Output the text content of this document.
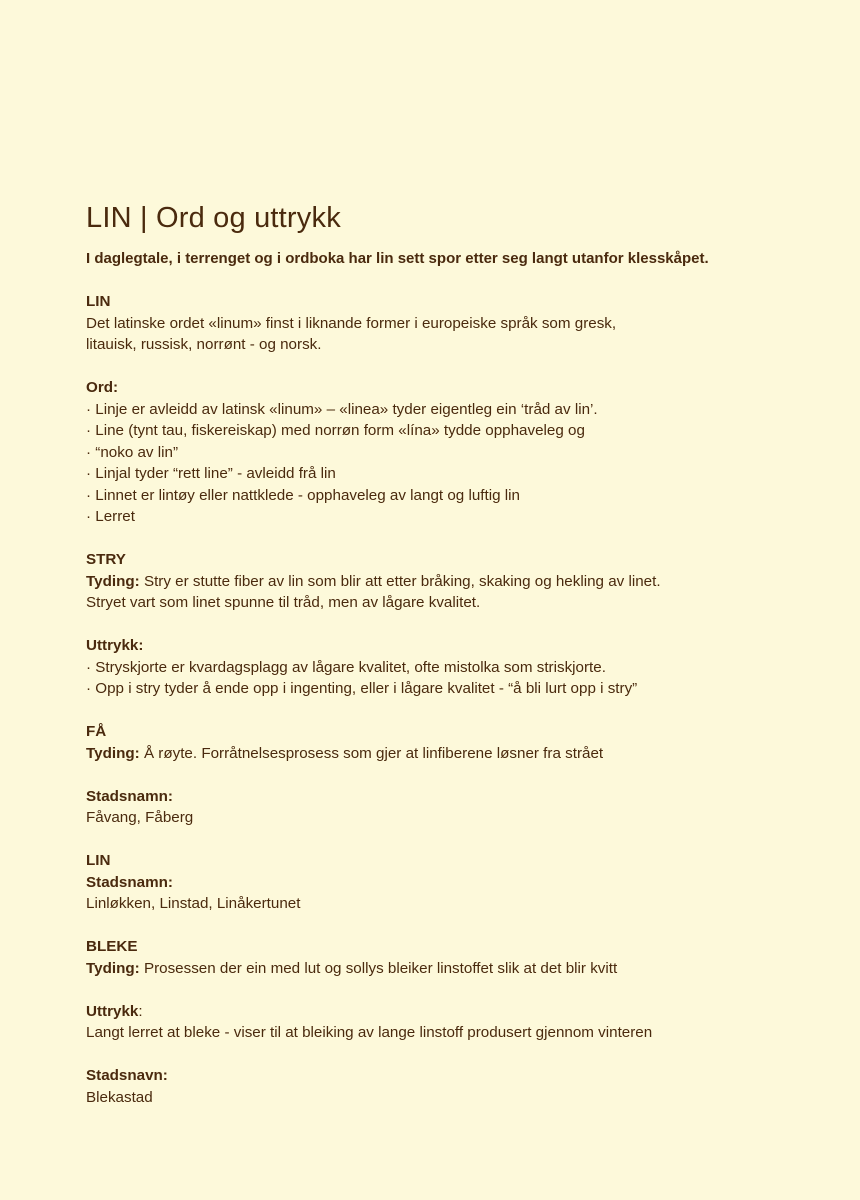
LIN | Ord og uttrykk
I daglegtale, i terrenget og i ordboka har lin sett spor etter seg langt utanfor klesskåpet.
LIN
Det latinske ordet «linum» finst i liknande former i europeiske språk som gresk,
litauisk, russisk, norrønt - og norsk.
Ord:
· Linje er avleidd av latinsk «linum» – «linea» tyder eigentleg ein ‘tråd av lin’.
· Line (tynt tau, fiskereiskap) med norrøn form «lína» tydde opphaveleg og
· “noko av lin”
· Linjal tyder “rett line” - avleidd frå lin
· Linnet er lintøy eller nattklede - opphaveleg av langt og luftig lin
· Lerret
STRY
Tyding: Stry er stutte fiber av lin som blir att etter bråking, skaking og hekling av linet.
Stryet vart som linet spunne til tråd, men av lågare kvalitet.
Uttrykk:
· Stryskjorte er kvardagsplagg av lågare kvalitet, ofte mistolka som striskjorte.
· Opp i stry tyder å ende opp i ingenting, eller i lågare kvalitet - “å bli lurt opp i stry”
FÅ
Tyding: Å røyte. Forråtnelsesprosess som gjer at linfiberene løsner fra strået
Stadsnamn:
Fåvang, Fåberg
LIN
Stadsnamn:
Linløkken, Linstad, Linåkertunet
BLEKE
Tyding: Prosessen der ein med lut og sollys bleiker linstoffet slik at det blir kvitt
Uttrykk:
Langt lerret at bleke - viser til at bleiking av lange linstoff produsert gjennom vinteren
Stadsnavn:
Blekastad
